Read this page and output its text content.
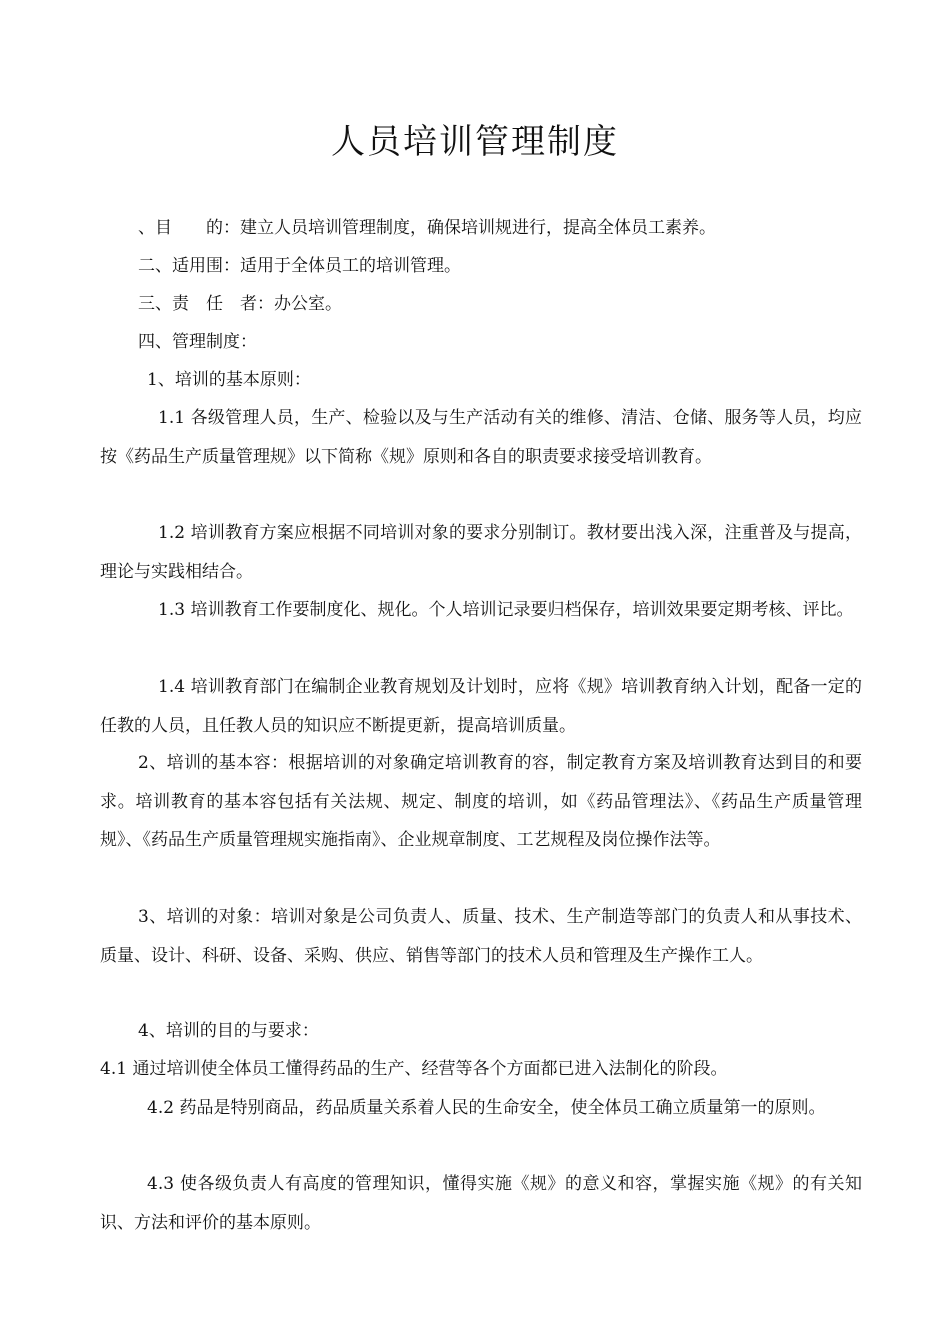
人员培训管理制度
、目　　的：建立人员培训管理制度，确保培训规进行，提高全体员工素养。
二、适用围：适用于全体员工的培训管理。
三、责　任　者：办公室。
四、管理制度：
1、培训的基本原则：
1.1 各级管理人员，生产、检验以及与生产活动有关的维修、清洁、仓储、服务等人员，均应按《药品生产质量管理规》以下简称《规》原则和各自的职责要求接受培训教育。
1.2 培训教育方案应根据不同培训对象的要求分别制订。教材要出浅入深，注重普及与提高，理论与实践相结合。
1.3 培训教育工作要制度化、规化。个人培训记录要归档保存，培训效果要定期考核、评比。
1.4 培训教育部门在编制企业教育规划及计划时，应将《规》培训教育纳入计划，配备一定的任教的人员，且任教人员的知识应不断提更新，提高培训质量。
2、培训的基本容：根据培训的对象确定培训教育的容，制定教育方案及培训教育达到目的和要求。培训教育的基本容包括有关法规、规定、制度的培训，如《药品管理法》、《药品生产质量管理规》、《药品生产质量管理规实施指南》、企业规章制度、工艺规程及岗位操作法等。
3、培训的对象：培训对象是公司负责人、质量、技术、生产制造等部门的负责人和从事技术、质量、设计、科研、设备、采购、供应、销售等部门的技术人员和管理及生产操作工人。
4、培训的目的与要求：
4.1 通过培训使全体员工懂得药品的生产、经营等各个方面都已进入法制化的阶段。
4.2 药品是特别商品，药品质量关系着人民的生命安全，使全体员工确立质量第一的原则。
4.3 使各级负责人有高度的管理知识，懂得实施《规》的意义和容，掌握实施《规》的有关知识、方法和评价的基本原则。
